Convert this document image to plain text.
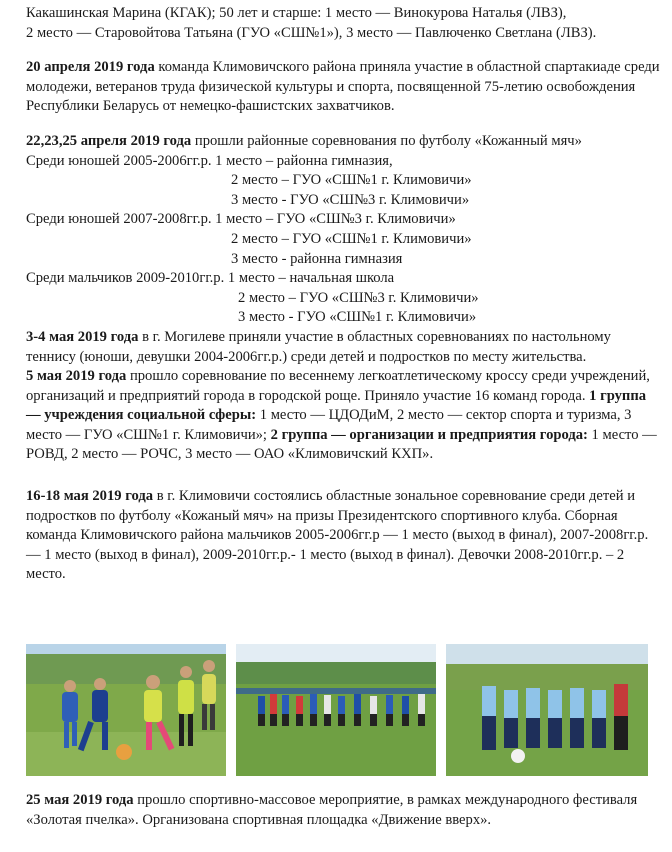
Какашинская Марина (КГАК); 50 лет и старше: 1 место — Винокурова Наталья (ЛВЗ),

2 место — Старовойтова Татьяна (ГУО «СШ№1»), 3 место — Павлюченко Светлана (ЛВЗ).

20 апреля 2019 года команда Климовичского района приняла участие в областной спартакиаде среди молодежи, ветеранов труда физической культуры и спорта, посвященной 75-летию освобождения Республики Беларусь от немецко-фашистских захватчиков.

22,23,25 апреля 2019 года прошли районные соревнования по футболу «Кожанный мяч»

Среди юношей 2005-2006гг.р. 1 место – районна гимназия,

2 место – ГУО «СШ№1 г. Климовичи»

3 место - ГУО «СШ№3 г. Климовичи»

Среди юношей 2007-2008гг.р. 1 место – ГУО «СШ№3 г. Климовичи»

2 место – ГУО «СШ№1 г. Климовичи»

3 место - районна гимназия

Среди мальчиков 2009-2010гг.р. 1 место – начальная школа

2 место – ГУО «СШ№3 г. Климовичи»

3 место - ГУО «СШ№1 г. Климовичи»

3-4 мая 2019 года в г. Могилеве приняли участие в областных соревнованиях по настольному теннису (юноши, девушки 2004-2006гг.р.) среди детей и подростков по месту жительства.

5 мая 2019 года прошло соревнование по весеннему легкоатлетическому кроссу среди учреждений, организаций и предприятий города в городской роще. Приняло участие 16 команд города. 1 группа — учреждения социальной сферы: 1 место — ЦДОДиМ, 2 место — сектор спорта и туризма, 3 место — ГУО «СШ№1 г. Климовичи»; 2 группа — организации и предприятия города: 1 место — РОВД, 2 место — РОЧС, 3 место — ОАО «Климовичский КХП».

16-18 мая 2019 года в г. Климовичи состоялись областные зональное соревнование среди детей и подростков по футболу «Кожаный мяч» на призы Президентского спортивного клуба. Сборная команда Климовичского района мальчиков 2005-2006гг.р — 1 место (выход в финал), 2007-2008гг.р. — 1 место (выход в финал), 2009-2010гг.р.- 1 место (выход в финал). Девочки 2008-2010гг.р. – 2 место.

25 мая 2019 года прошло спортивно-массовое мероприятие, в рамках международного фестиваля «Золотая пчелка». Организована спортивная площадка «Движение вверх».
